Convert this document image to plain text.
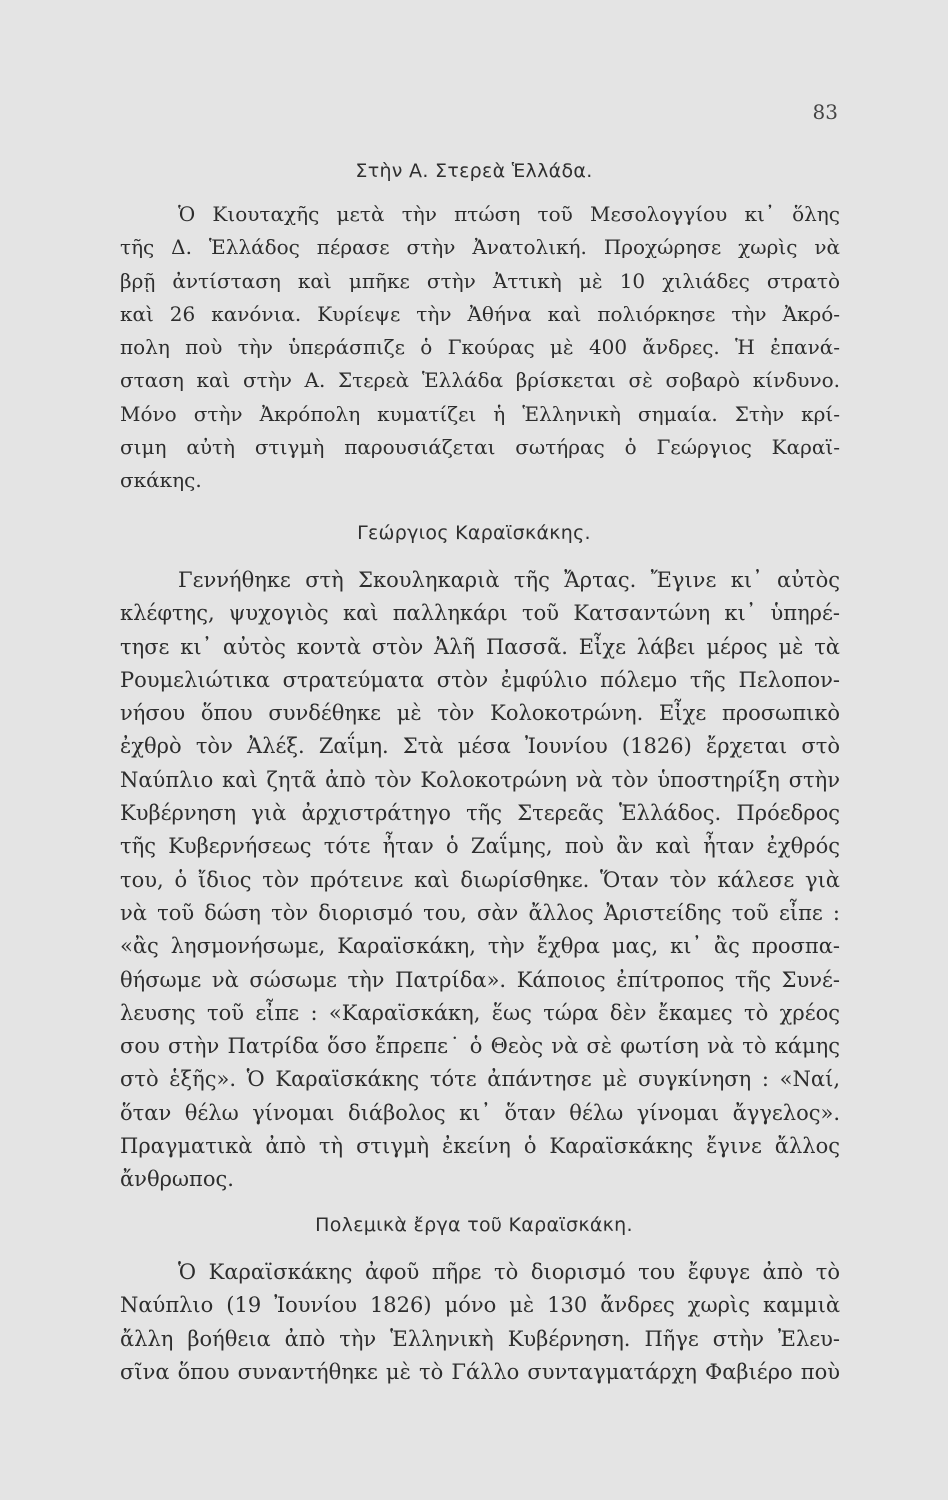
83
Στὴν Α. Στερεὰ Ἑλλάδα.
Ὁ Κιουταχῆς μετὰ τὴν πτώση τοῦ Μεσολογγίου κι᾽ ὅλης
τῆς Δ. Ἑλλάδος πέρασε στὴν Ἀνατολική. Προχώρησε χωρὶς νὰ
βρῇ ἀντίσταση καὶ μπῆκε στὴν Ἀττικὴ μὲ 10 χιλιάδες στρατὸ
καὶ 26 κανόνια. Κυρίεψε τὴν Ἀθήνα καὶ πολιόρκησε τὴν Ἀκρό-
πολη ποὺ τὴν ὑπεράσπιζε ὁ Γκούρας μὲ 400 ἄνδρες. Ἡ ἐπανά-
σταση καὶ στὴν Α. Στερεὰ Ἑλλάδα βρίσκεται σὲ σοβαρὸ κίνδυνο.
Μόνο στὴν Ἀκρόπολη κυματίζει ἡ Ἑλληνικὴ σημαία. Στὴν κρί-
σιμη αὐτὴ στιγμὴ παρουσιάζεται σωτήρας ὁ Γεώργιος Καραϊ-
σκάκης.
Γεώργιος Καραϊσκάκης.
Γεννήθηκε στὴ Σκουληκαριὰ τῆς Ἄρτας. Ἔγινε κι᾽ αὐτὸς
κλέφτης, ψυχογιὸς καὶ παλληκάρι τοῦ Κατσαντώνη κι᾽ ὑπηρέ-
τησε κι᾽ αὐτὸς κοντὰ στὸν Ἀλῆ Πασσᾶ. Εἶχε λάβει μέρος μὲ τὰ
Ρουμελιώτικα στρατεύματα στὸν ἐμφύλιο πόλεμο τῆς Πελοπον-
νήσου ὅπου συνδέθηκε μὲ τὸν Κολοκοτρώνη. Εἶχε προσωπικὸ
ἐχθρὸ τὸν Ἀλέξ. Ζαΐμη. Στὰ μέσα Ἰουνίου (1826) ἔρχεται στὸ
Ναύπλιο καὶ ζητᾶ ἀπὸ τὸν Κολοκοτρώνη νὰ τὸν ὑποστηρίξη στὴν
Κυβέρνηση γιὰ ἀρχιστράτηγο τῆς Στερεᾶς Ἑλλάδος. Πρόεδρος
τῆς Κυβερνήσεως τότε ἦταν ὁ Ζαΐμης, ποὺ ἂν καὶ ἦταν ἐχθρός
του, ὁ ἴδιος τὸν πρότεινε καὶ διωρίσθηκε. Ὅταν τὸν κάλεσε γιὰ
νὰ τοῦ δώση τὸν διορισμό του, σὰν ἄλλος Ἀριστείδης τοῦ εἶπε :
«ἂς λησμονήσωμε, Καραϊσκάκη, τὴν ἔχθρα μας, κι᾽ ἂς προσπα-
θήσωμε νὰ σώσωμε τὴν Πατρίδα». Κάποιος ἐπίτροπος τῆς Συνέ-
λευσης τοῦ εἶπε : «Καραϊσκάκη, ἕως τώρα δὲν ἔκαμες τὸ χρέος
σου στὴν Πατρίδα ὅσο ἔπρεπε˙ ὁ Θεὸς νὰ σὲ φωτίση νὰ τὸ κάμης
στὸ ἑξῆς». Ὁ Καραϊσκάκης τότε ἀπάντησε μὲ συγκίνηση : «Ναί,
ὅταν θέλω γίνομαι διάβολος κι᾽ ὅταν θέλω γίνομαι ἄγγελος».
Πραγματικὰ ἀπὸ τὴ στιγμὴ ἐκείνη ὁ Καραϊσκάκης ἔγινε ἄλλος
ἄνθρωπος.
Πολεμικὰ ἔργα τοῦ Καραϊσκάκη.
Ὁ Καραϊσκάκης ἀφοῦ πῆρε τὸ διορισμό του ἔφυγε ἀπὸ τὸ
Ναύπλιο (19 Ἰουνίου 1826) μόνο μὲ 130 ἄνδρες χωρὶς καμμιὰ
ἄλλη βοήθεια ἀπὸ τὴν Ἑλληνικὴ Κυβέρνηση. Πῆγε στὴν Ἐλευ-
σῖνα ὅπου συναντήθηκε μὲ τὸ Γάλλο συνταγματάρχη Φαβιέρο ποὺ
